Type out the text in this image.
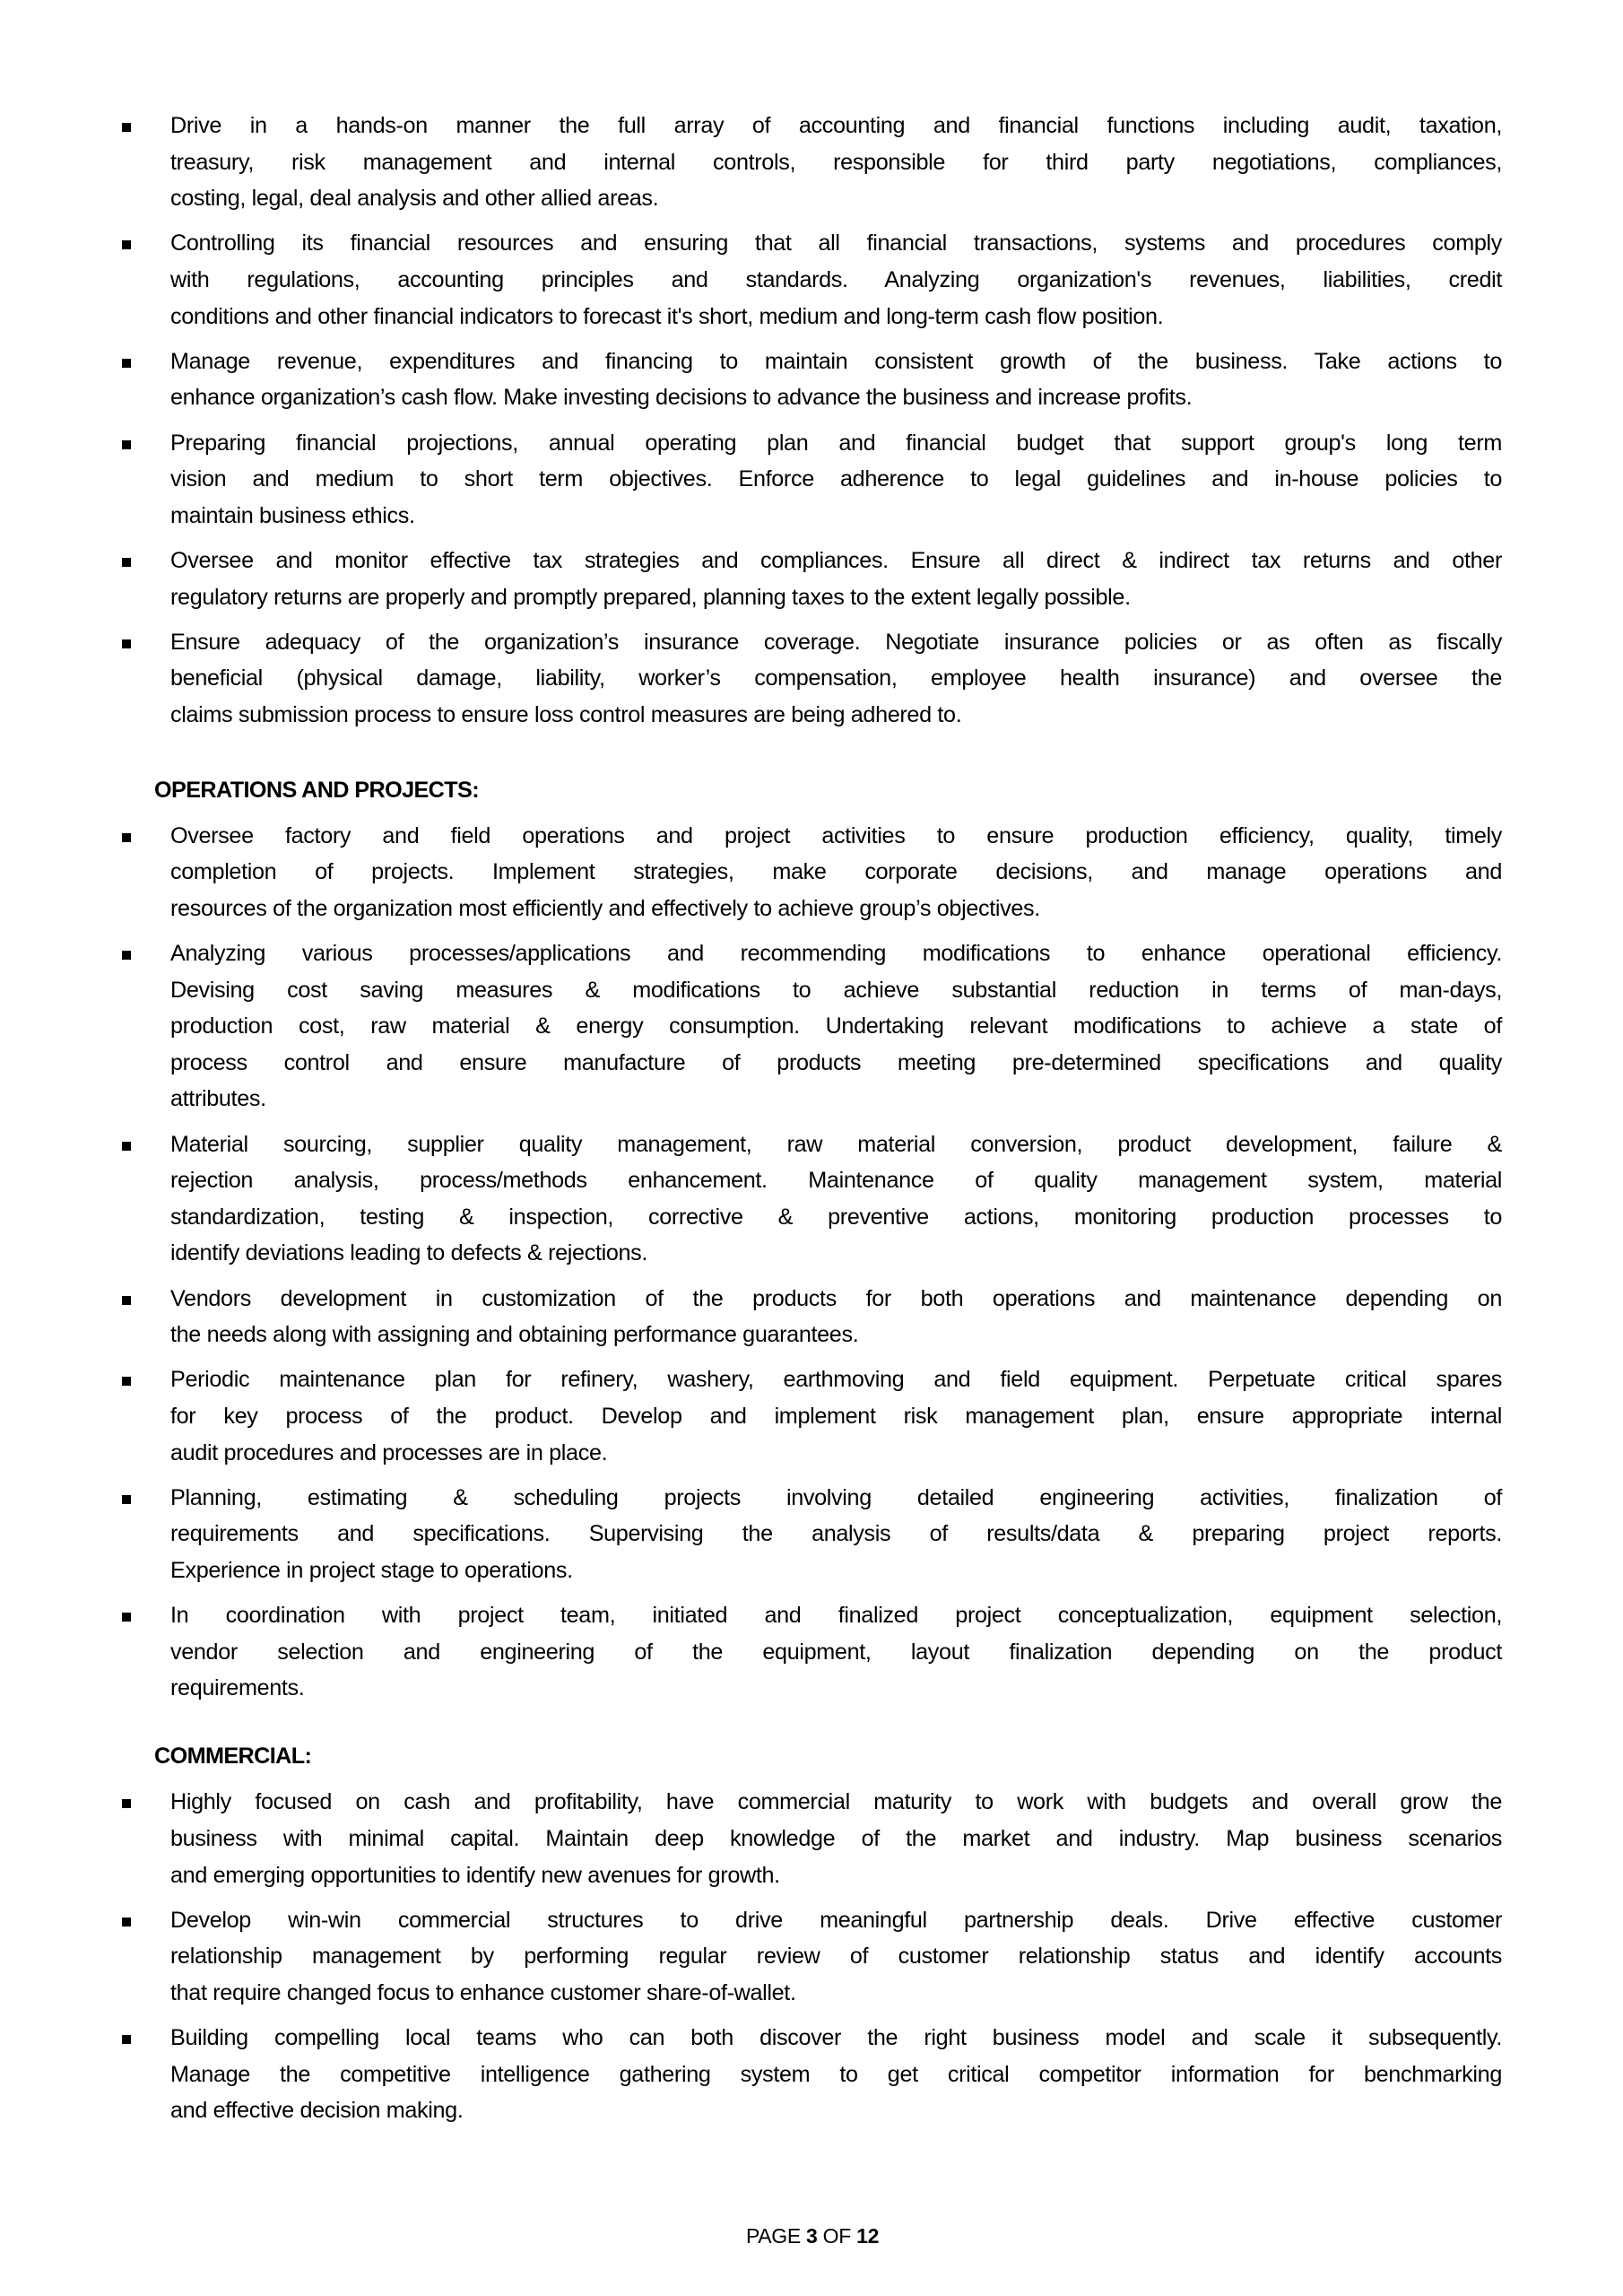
Drive in a hands-on manner the full array of accounting and financial functions including audit, taxation,
treasury, risk management and internal controls, responsible for third party negotiations, compliances,
costing, legal, deal analysis and other allied areas.
Controlling its financial resources and ensuring that all financial transactions, systems and procedures comply
with regulations, accounting principles and standards. Analyzing organization's revenues, liabilities, credit
conditions and other financial indicators to forecast it's short, medium and long-term cash flow position.
Manage revenue, expenditures and financing to maintain consistent growth of the business. Take actions to
enhance organization’s cash flow. Make investing decisions to advance the business and increase profits.
Preparing financial projections, annual operating plan and financial budget that support group's long term
vision and medium to short term objectives. Enforce adherence to legal guidelines and in-house policies to
maintain business ethics.
Oversee and monitor effective tax strategies and compliances. Ensure all direct & indirect tax returns and other
regulatory returns are properly and promptly prepared, planning taxes to the extent legally possible.
Ensure adequacy of the organization’s insurance coverage. Negotiate insurance policies or as often as fiscally
beneficial (physical damage, liability, worker’s compensation, employee health insurance) and oversee the
claims submission process to ensure loss control measures are being adhered to.
OPERATIONS AND PROJECTS:
Oversee factory and field operations and project activities to ensure production efficiency, quality, timely
completion of projects. Implement strategies, make corporate decisions, and manage operations and
resources of the organization most efficiently and effectively to achieve group’s objectives.
Analyzing various processes/applications and recommending modifications to enhance operational efficiency.
Devising cost saving measures & modifications to achieve substantial reduction in terms of man-days,
production cost, raw material & energy consumption. Undertaking relevant modifications to achieve a state of
process control and ensure manufacture of products meeting pre-determined specifications and quality
attributes.
Material sourcing, supplier quality management, raw material conversion, product development, failure &
rejection analysis, process/methods enhancement. Maintenance of quality management system, material
standardization, testing & inspection, corrective & preventive actions, monitoring production processes to
identify deviations leading to defects & rejections.
Vendors development in customization of the products for both operations and maintenance depending on
the needs along with assigning and obtaining performance guarantees.
Periodic maintenance plan for refinery, washery, earthmoving and field equipment. Perpetuate critical spares
for key process of the product. Develop and implement risk management plan, ensure appropriate internal
audit procedures and processes are in place.
Planning, estimating & scheduling projects involving detailed engineering activities, finalization of
requirements and specifications. Supervising the analysis of results/data & preparing project reports.
Experience in project stage to operations.
In coordination with project team, initiated and finalized project conceptualization, equipment selection,
vendor selection and engineering of the equipment, layout finalization depending on the product
requirements.
COMMERCIAL:
Highly focused on cash and profitability, have commercial maturity to work with budgets and overall grow the
business with minimal capital. Maintain deep knowledge of the market and industry. Map business scenarios
and emerging opportunities to identify new avenues for growth.
Develop win-win commercial structures to drive meaningful partnership deals. Drive effective customer
relationship management by performing regular review of customer relationship status and identify accounts
that require changed focus to enhance customer share-of-wallet.
Building compelling local teams who can both discover the right business model and scale it subsequently.
Manage the competitive intelligence gathering system to get critical competitor information for benchmarking
and effective decision making.
PAGE 3 OF 12
